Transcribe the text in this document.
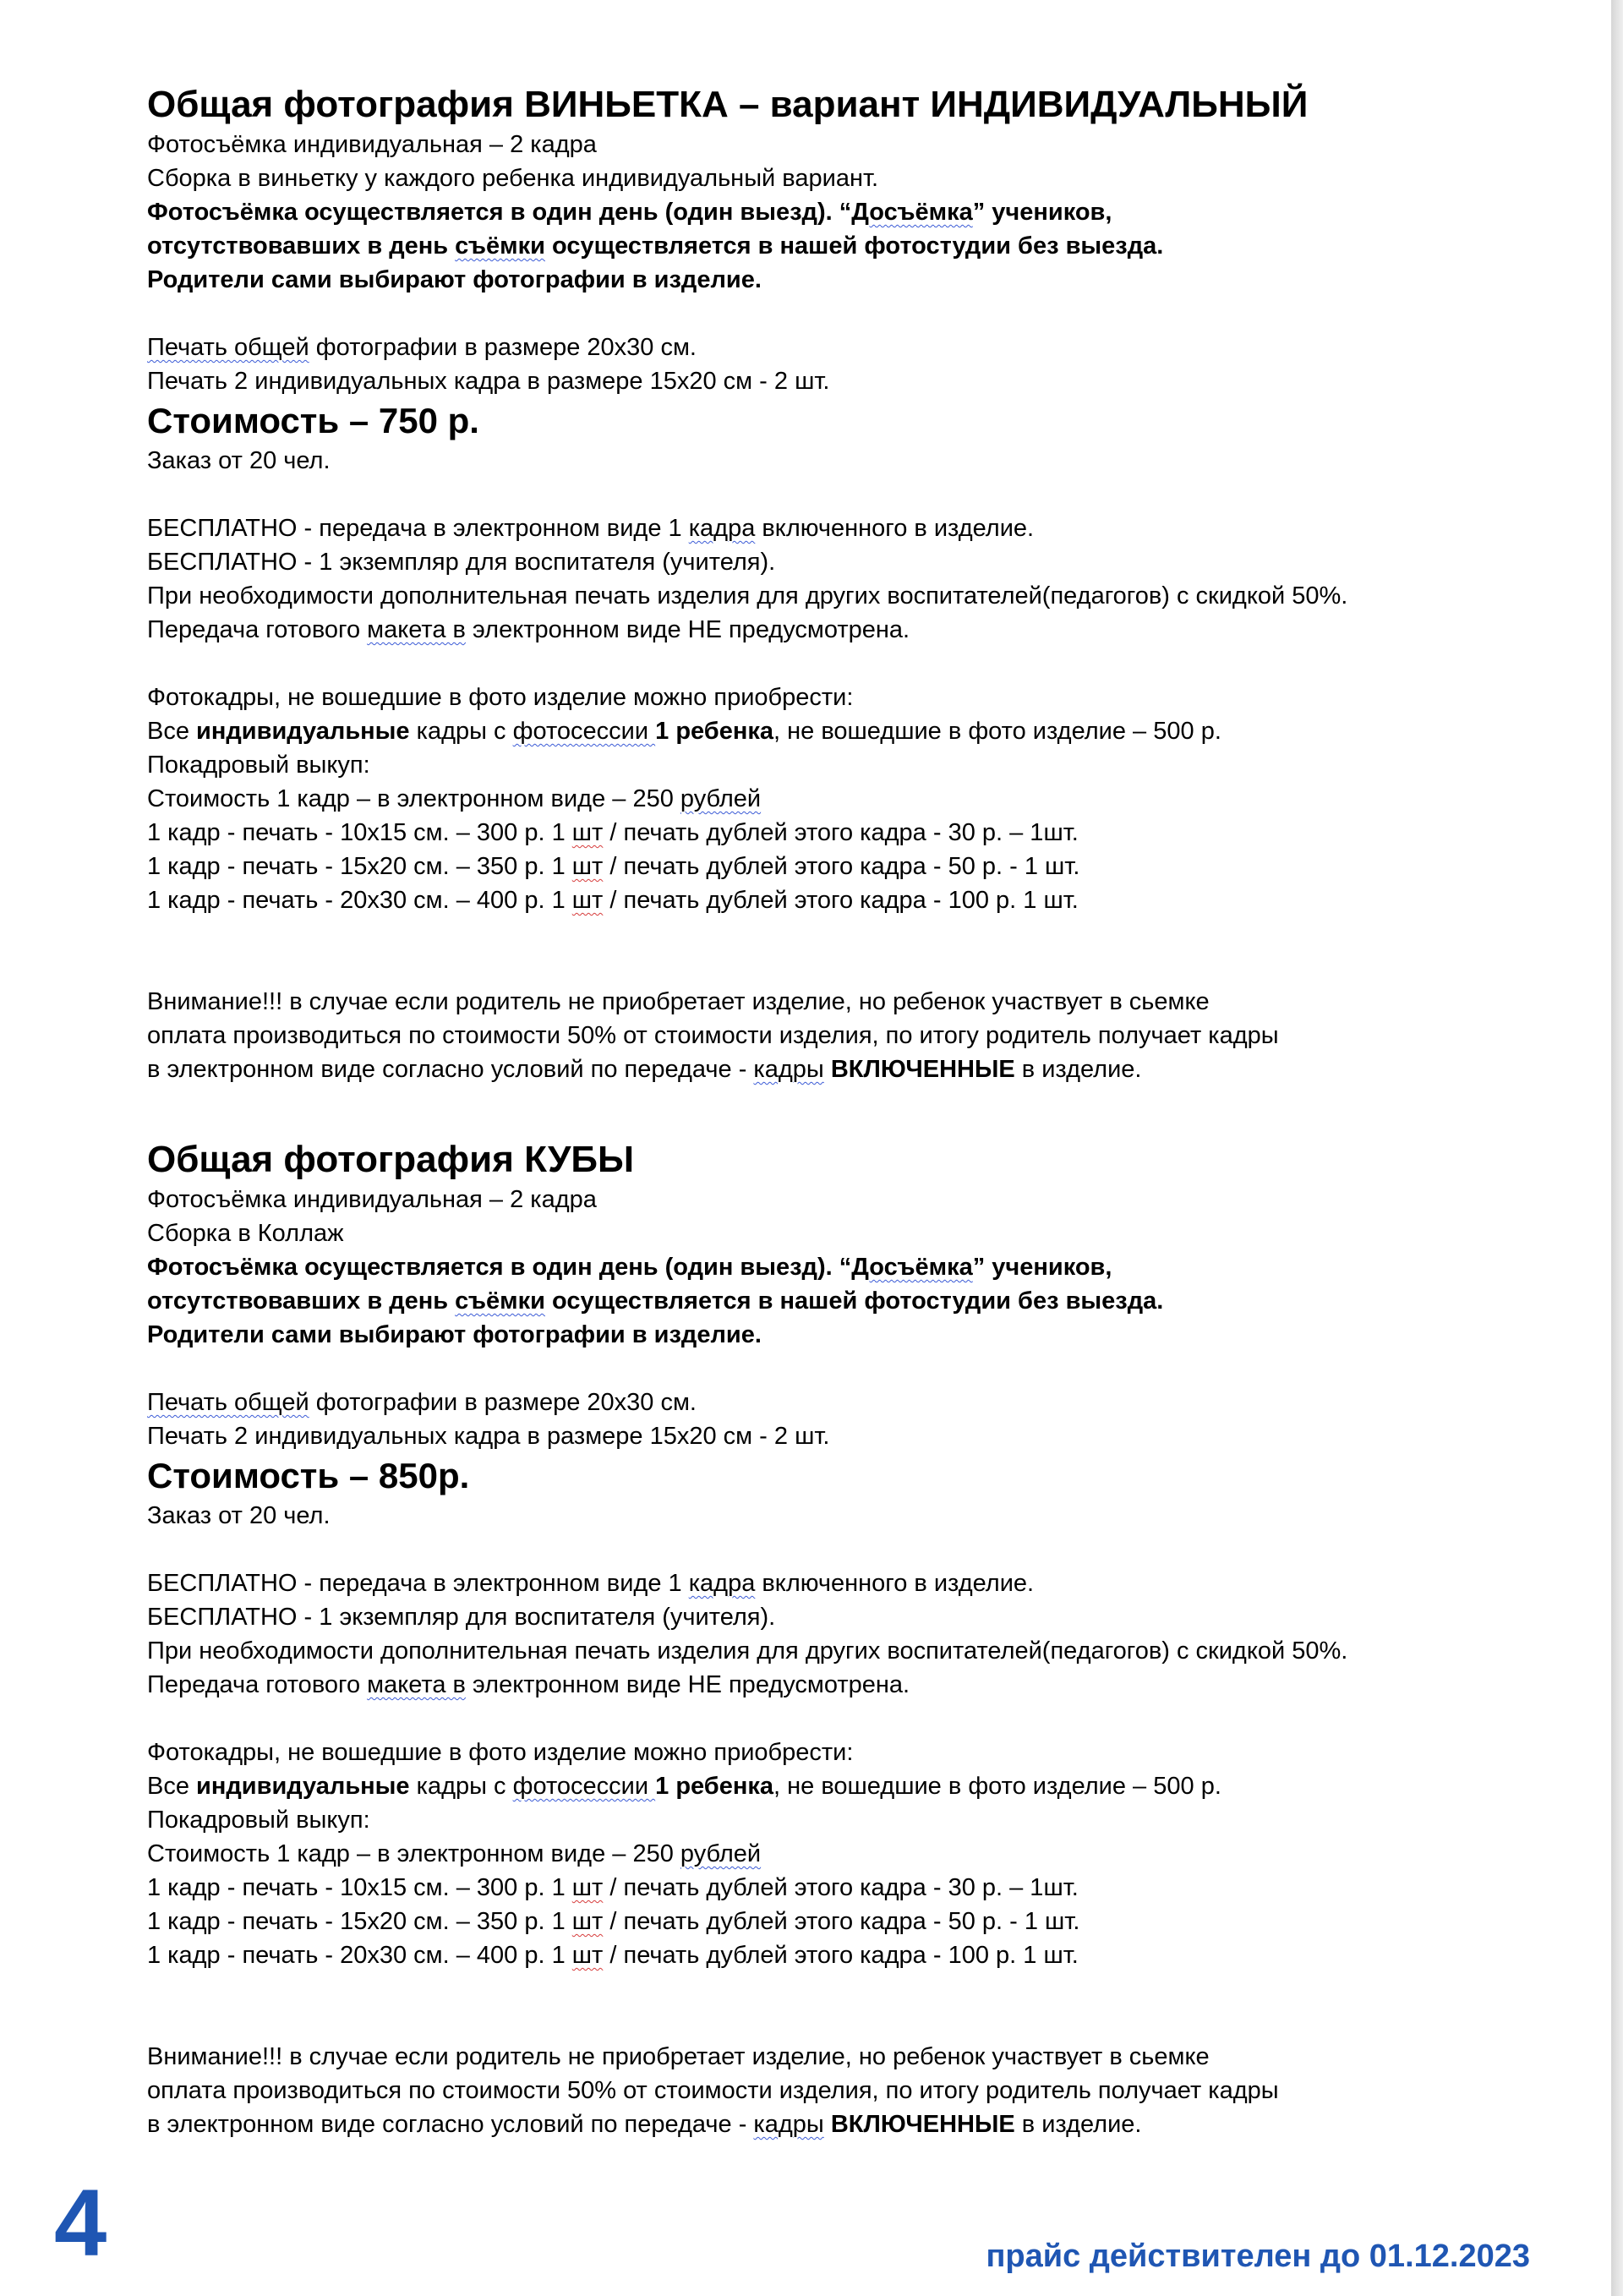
Общая фотография ВИНЬЕТКА – вариант ИНДИВИДУАЛЬНЫЙ
Фотосъёмка индивидуальная – 2 кадра
Сборка в виньетку у каждого ребенка индивидуальный вариант.
Фотосъёмка осуществляется в один день (один выезд). “Досъёмка” учеников,
отсутствовавших в день съёмки осуществляется в нашей фотостудии без выезда.
Родители сами выбирают фотографии в изделие.
Печать общей фотографии в размере 20х30 см.
Печать 2 индивидуальных кадра в размере 15х20 см - 2 шт.
Стоимость – 750 р.
Заказ от 20 чел.
БЕСПЛАТНО - передача в электронном виде 1 кадра включенного в изделие.
БЕСПЛАТНО - 1 экземпляр для воспитателя (учителя).
При необходимости дополнительная печать изделия для других воспитателей(педагогов) с скидкой 50%.
Передача готового макета в электронном виде НЕ предусмотрена.
Фотокадры, не вошедшие в фото изделие можно приобрести:
Все индивидуальные кадры с фотосессии 1 ребенка, не вошедшие в фото изделие – 500 р.
Покадровый выкуп:
Стоимость 1 кадр – в электронном виде – 250 рублей
1 кадр - печать - 10х15 см. – 300 р. 1 шт / печать дублей этого кадра - 30 р. – 1шт.
1 кадр - печать - 15х20 см. – 350 р. 1 шт / печать дублей этого кадра - 50 р. - 1 шт.
1 кадр - печать - 20х30 см. – 400 р. 1 шт / печать дублей этого кадра - 100 р. 1 шт.
Внимание!!! в случае если родитель не приобретает изделие, но ребенок участвует в сьемке
оплата производиться по стоимости 50% от стоимости изделия, по итогу родитель получает кадры
в электронном виде согласно условий по передаче - кадры ВКЛЮЧЕННЫЕ в изделие.
Общая фотография КУБЫ
Фотосъёмка индивидуальная – 2 кадра
Сборка в Коллаж
Фотосъёмка осуществляется в один день (один выезд). “Досъёмка” учеников,
отсутствовавших в день съёмки осуществляется в нашей фотостудии без выезда.
Родители сами выбирают фотографии в изделие.
Печать общей фотографии в размере 20х30 см.
Печать 2 индивидуальных кадра в размере 15х20 см - 2 шт.
Стоимость – 850р.
Заказ от 20 чел.
БЕСПЛАТНО - передача в электронном виде 1 кадра включенного в изделие.
БЕСПЛАТНО - 1 экземпляр для воспитателя (учителя).
При необходимости дополнительная печать изделия для других воспитателей(педагогов) с скидкой 50%.
Передача готового макета в электронном виде НЕ предусмотрена.
Фотокадры, не вошедшие в фото изделие можно приобрести:
Все индивидуальные кадры с фотосессии 1 ребенка, не вошедшие в фото изделие – 500 р.
Покадровый выкуп:
Стоимость 1 кадр – в электронном виде – 250 рублей
1 кадр - печать - 10х15 см. – 300 р. 1 шт / печать дублей этого кадра - 30 р. – 1шт.
1 кадр - печать - 15х20 см. – 350 р. 1 шт / печать дублей этого кадра - 50 р. - 1 шт.
1 кадр - печать - 20х30 см. – 400 р. 1 шт / печать дублей этого кадра - 100 р. 1 шт.
Внимание!!! в случае если родитель не приобретает изделие, но ребенок участвует в сьемке
оплата производиться по стоимости 50% от стоимости изделия, по итогу родитель получает кадры
в электронном виде согласно условий по передаче - кадры ВКЛЮЧЕННЫЕ в изделие.
4	прайс действителен до 01.12.2023
